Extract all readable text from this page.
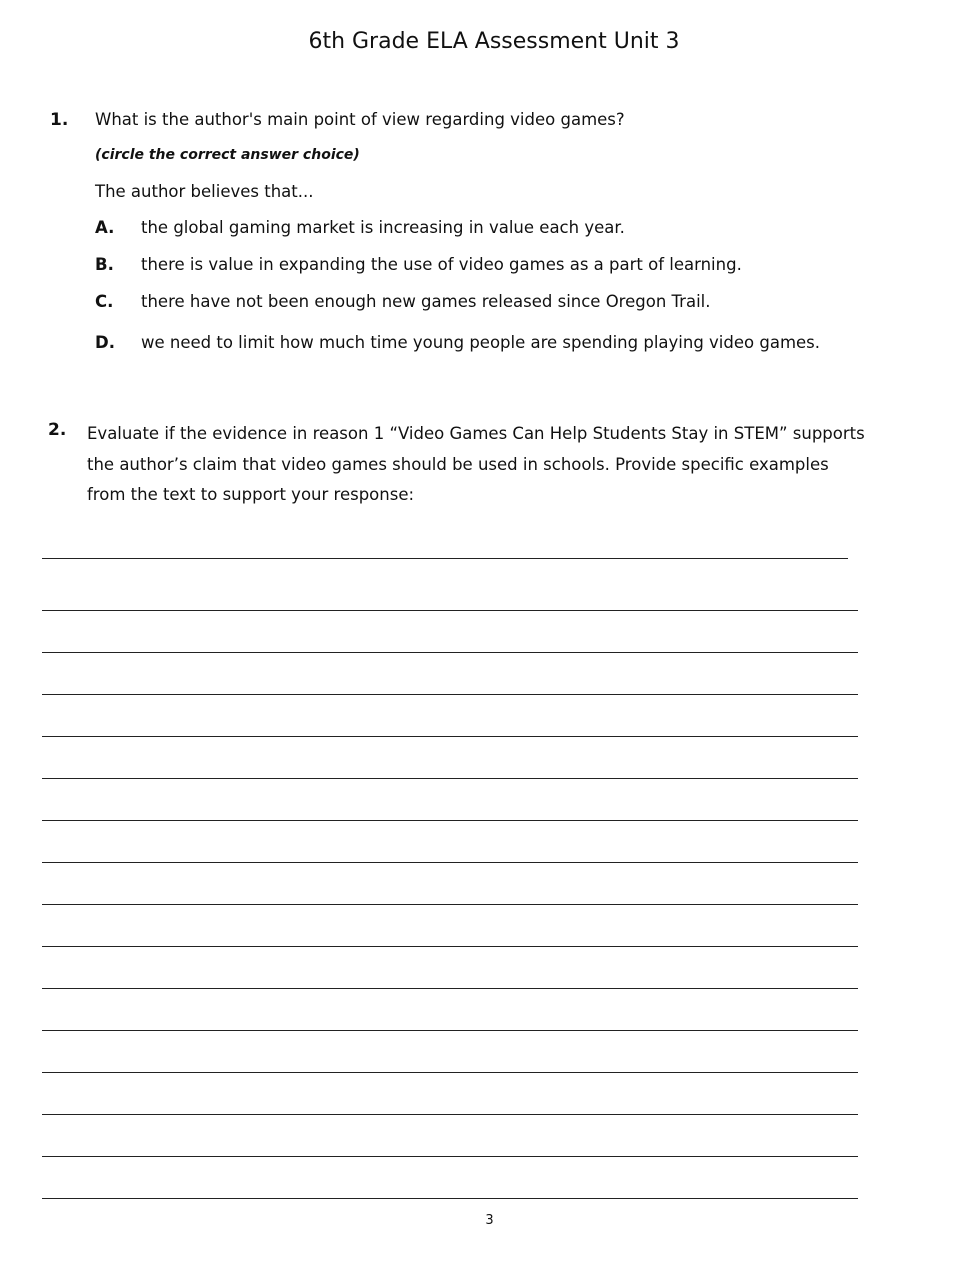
6th Grade ELA Assessment Unit 3
1. What is the author's main point of view regarding video games?
(circle the correct answer choice)
The author believes that...
A. the global gaming market is increasing in value each year.
B. there is value in expanding the use of video games as a part of learning.
C. there have not been enough new games released since Oregon Trail.
D. we need to limit how much time young people are spending playing video games.
2. Evaluate if the evidence in reason 1 “Video Games Can Help Students Stay in STEM” supports the author’s claim that video games should be used in schools. Provide specific examples from the text to support your response:
3
